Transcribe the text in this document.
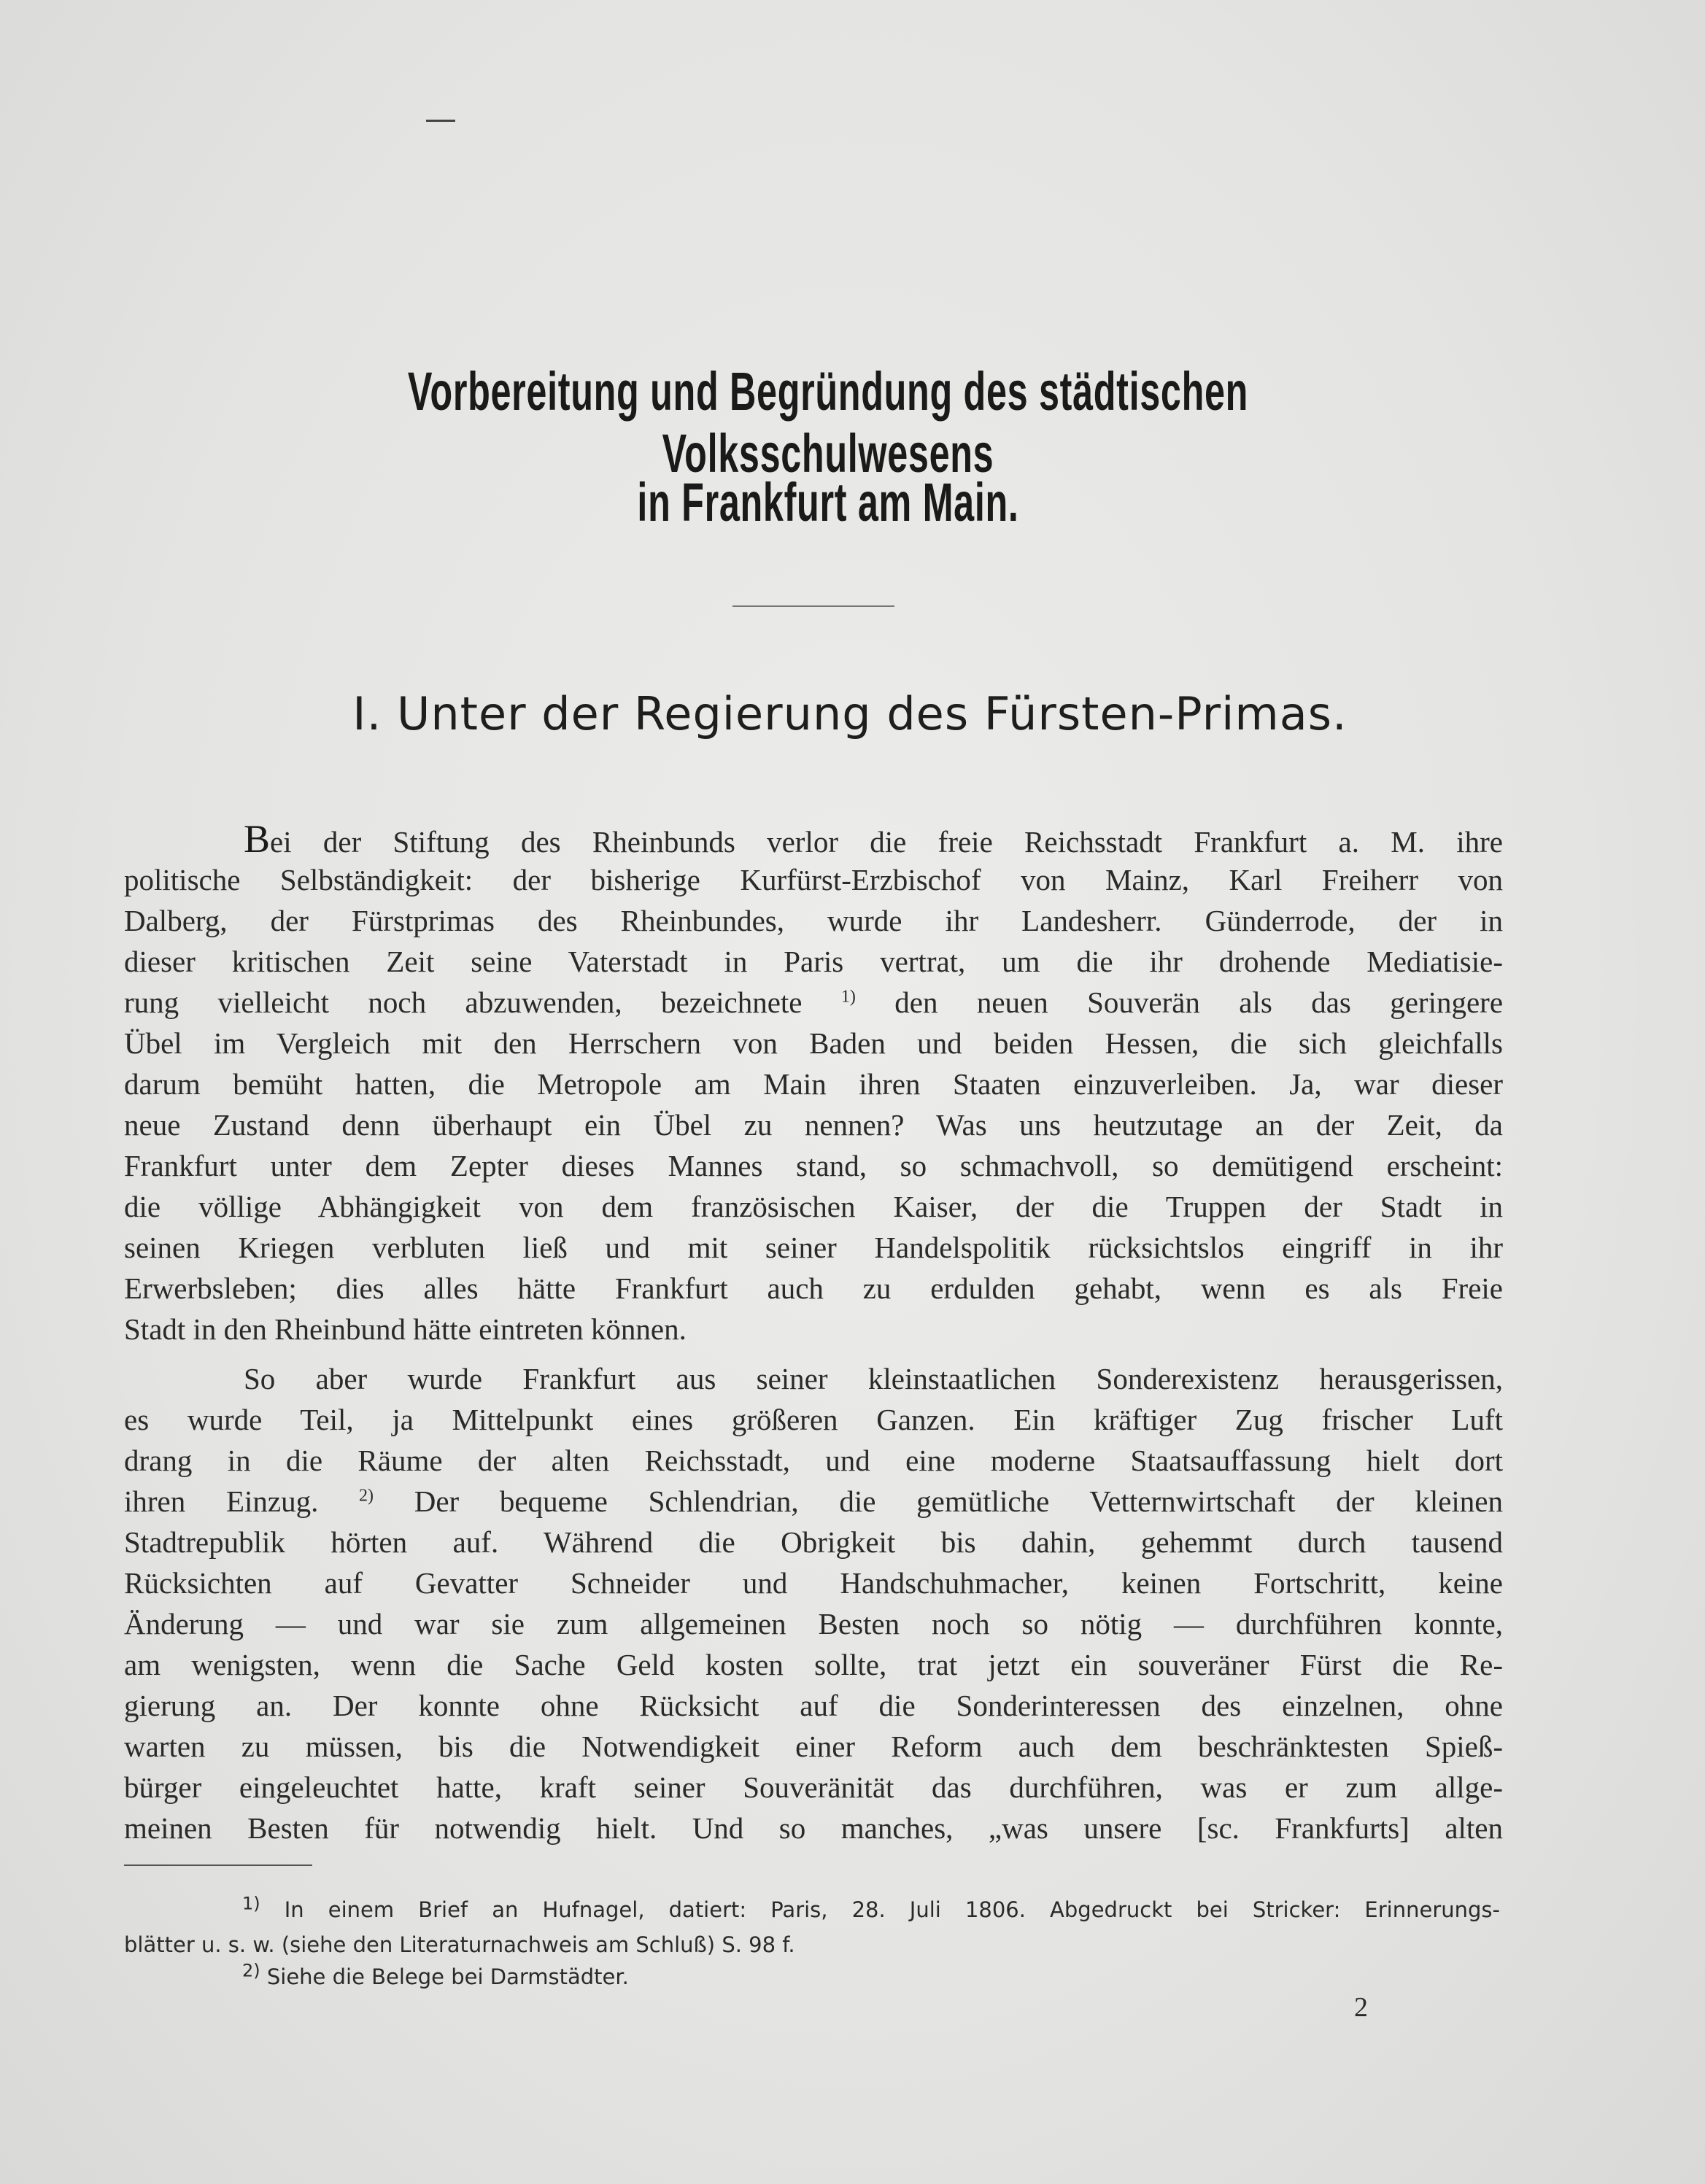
Vorbereitung und Begründung des städtischen Volksschulwesens
in Frankfurt am Main.
I. Unter der Regierung des Fürsten-Primas.
Bei der Stiftung des Rheinbunds verlor die freie Reichsstadt Frankfurt a. M. ihre
politische Selbständigkeit: der bisherige Kurfürst-Erzbischof von Mainz, Karl Freiherr von
Dalberg, der Fürstprimas des Rheinbundes, wurde ihr Landesherr. Günderrode, der in
dieser kritischen Zeit seine Vaterstadt in Paris vertrat, um die ihr drohende Mediatisie-
rung vielleicht noch abzuwenden, bezeichnete $^{1)}$ den neuen Souverän als das geringere
Übel im Vergleich mit den Herrschern von Baden und beiden Hessen, die sich gleichfalls
darum bemüht hatten, die Metropole am Main ihren Staaten einzuverleiben. Ja, war dieser
neue Zustand denn überhaupt ein Übel zu nennen? Was uns heutzutage an der Zeit, da
Frankfurt unter dem Zepter dieses Mannes stand, so schmachvoll, so demütigend erscheint:
die völlige Abhängigkeit von dem französischen Kaiser, der die Truppen der Stadt in
seinen Kriegen verbluten ließ und mit seiner Handelspolitik rücksichtslos eingriff in ihr
Erwerbsleben; dies alles hätte Frankfurt auch zu erdulden gehabt, wenn es als Freie
Stadt in den Rheinbund hätte eintreten können.
So aber wurde Frankfurt aus seiner kleinstaatlichen Sonderexistenz herausgerissen,
es wurde Teil, ja Mittelpunkt eines größeren Ganzen. Ein kräftiger Zug frischer Luft
drang in die Räume der alten Reichsstadt, und eine moderne Staatsauffassung hielt dort
ihren Einzug. $^{2)}$ Der bequeme Schlendrian, die gemütliche Vetternwirtschaft der kleinen
Stadtrepublik hörten auf. Während die Obrigkeit bis dahin, gehemmt durch tausend
Rücksichten auf Gevatter Schneider und Handschuhmacher, keinen Fortschritt, keine
Änderung — und war sie zum allgemeinen Besten noch so nötig — durchführen konnte,
am wenigsten, wenn die Sache Geld kosten sollte, trat jetzt ein souveräner Fürst die Re-
gierung an. Der konnte ohne Rücksicht auf die Sonderinteressen des einzelnen, ohne
warten zu müssen, bis die Notwendigkeit einer Reform auch dem beschränktesten Spieß-
bürger eingeleuchtet hatte, kraft seiner Souveränität das durchführen, was er zum allge-
meinen Besten für notwendig hielt. Und so manches, „was unsere [sc. Frankfurts] alten
$^{1)}$ In einem Brief an Hufnagel, datiert: Paris, 28. Juli 1806. Abgedruckt bei Stricker: Erinnerungs-
blätter u. s. w. (siehe den Literaturnachweis am Schluß) S. 98 f.
$^{2)}$ Siehe die Belege bei Darmstädter.
2
